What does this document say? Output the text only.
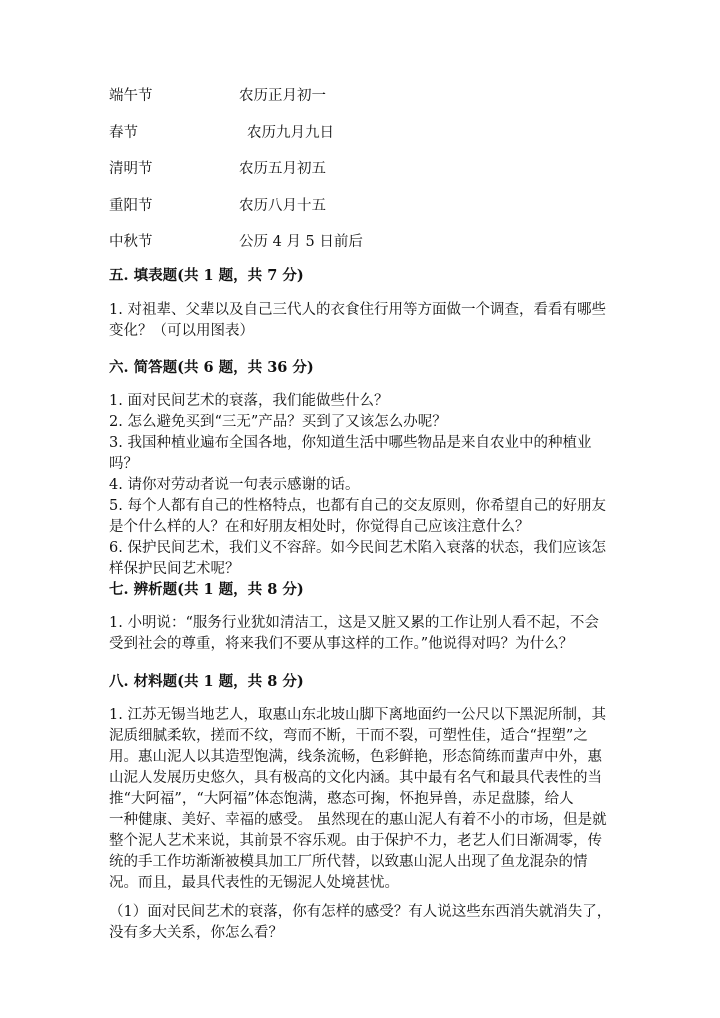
端午节	农历正月初一
春节	农历九月九日
清明节	农历五月初五
重阳节	农历八月十五
中秋节	公历 4 月 5 日前后
五. 填表题(共 1 题，共 7 分)
1. 对祖辈、父辈以及自己三代人的衣食住行用等方面做一个调查，看看有哪些
变化？（可以用图表）
六. 简答题(共 6 题，共 36 分)
1. 面对民间艺术的衰落，我们能做些什么？
2. 怎么避免买到“三无”产品？买到了又该怎么办呢？
3. 我国种植业遍布全国各地，你知道生活中哪些物品是来自农业中的种植业
吗？
4. 请你对劳动者说一句表示感谢的话。
5. 每个人都有自己的性格特点，也都有自己的交友原则，你希望自己的好朋友
是个什么样的人？在和好朋友相处时，你觉得自己应该注意什么？
6. 保护民间艺术，我们义不容辞。如今民间艺术陷入衰落的状态，我们应该怎
样保护民间艺术呢？
七. 辨析题(共 1 题，共 8 分)
1. 小明说：“服务行业犹如清洁工，这是又脏又累的工作让别人看不起，不会
受到社会的尊重，将来我们不要从事这样的工作。”他说得对吗？为什么？
八. 材料题(共 1 题，共 8 分)
1. 江苏无锡当地艺人，取惠山东北坡山脚下离地面约一公尺以下黑泥所制，其
泥质细腻柔软，搓而不纹，弯而不断，干而不裂，可塑性佳，适合“捏塑”之
用。惠山泥人以其造型饱满，线条流畅，色彩鲜艳，形态简练而蜚声中外，惠
山泥人发展历史悠久，具有极高的文化内涵。其中最有名气和最具代表性的当
推“大阿福”，“大阿福”体态饱满，憨态可掬，怀抱异兽，赤足盘膝，给人
一种健康、美好、幸福的感受。 虽然现在的惠山泥人有着不小的市场，但是就
整个泥人艺术来说，其前景不容乐观。由于保护不力，老艺人们日渐凋零，传
统的手工作坊渐渐被模具加工厂所代替，以致惠山泥人出现了鱼龙混杂的情
况。而且，最具代表性的无锡泥人处境甚忧。
（1）面对民间艺术的衰落，你有怎样的感受？有人说这些东西消失就消失了，
没有多大关系，你怎么看？
